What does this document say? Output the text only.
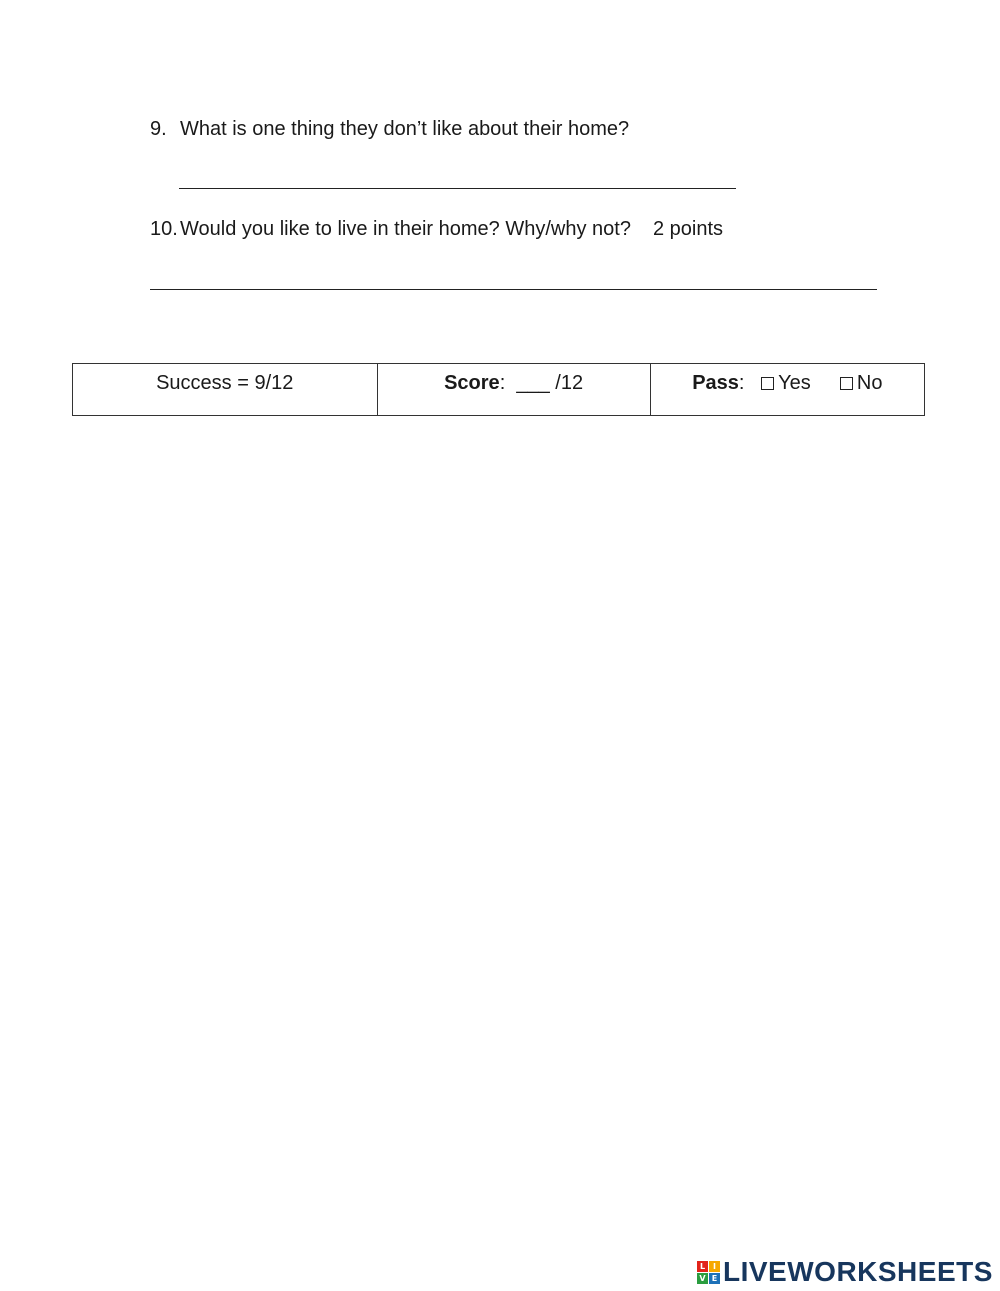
9. What is one thing they don’t like about their home?
10. Would you like to live in their home? Why/why not? 2 points
Success = 9/12	Score:  ___ /12	Pass:   Yes No
L I
V E LIVEWORKSHEETS
